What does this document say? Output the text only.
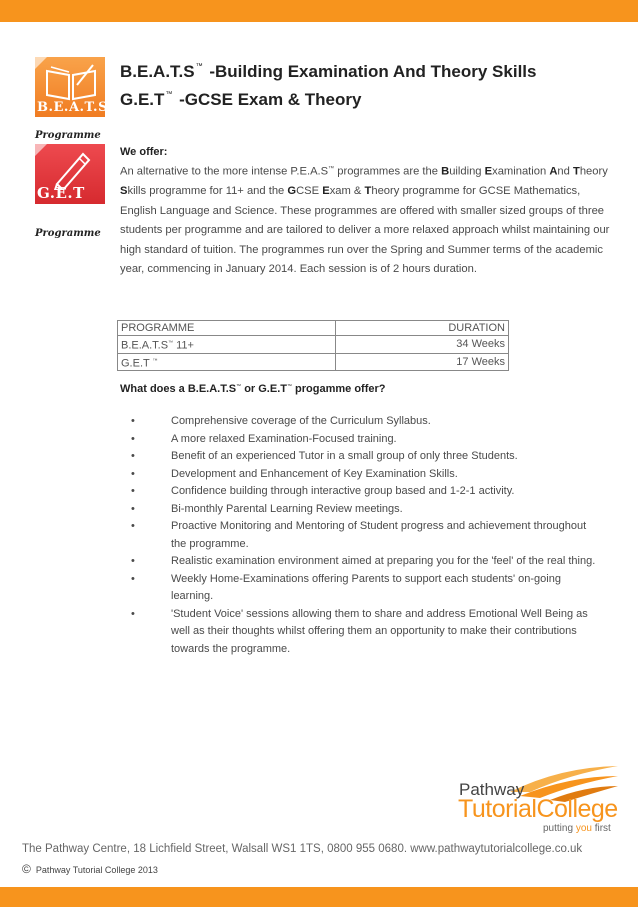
B.E.A.T.S
Programme
G.E.T
Programme
B.E.A.T.S™ -Building Examination And Theory Skills
G.E.T™ -GCSE Exam & Theory
We offer:
An alternative to the more intense P.E.A.S™ programmes are the Building Examination And Theory Skills programme for 11+ and the GCSE Exam & Theory programme for GCSE Mathematics, English Language and Science. These programmes are offered with smaller sized groups of three students per programme and are tailored to deliver a more relaxed approach whilst maintaining our high standard of tuition. The programmes run over the Spring and Summer terms of the academic year, commencing in January 2014. Each session is of 2 hours duration.
PROGRAMME	DURATION
B.E.A.T.S™ 11+	34 Weeks
G.E.T ™	17 Weeks
What does a B.E.A.T.S™ or G.E.T™ progamme offer?
•	Comprehensive coverage of the Curriculum Syllabus.
•	A more relaxed Examination-Focused training.
•	Benefit of an experienced Tutor in a small group of only three Students.
•	Development and Enhancement of Key Examination Skills.
•	Confidence building through interactive group based and 1-2-1 activity.
•	Bi-monthly Parental Learning Review meetings.
•	Proactive Monitoring and Mentoring of Student progress and achievement throughout the programme.
•	Realistic examination environment aimed at preparing you for the 'feel' of the real thing.
•	Weekly Home-Examinations offering Parents to support each students' on-going learning.
•	'Student Voice' sessions allowing them to share and address Emotional Well Being as well as their thoughts whilst offering them an opportunity to make their contributions towards the programme.
Pathway
TutorialCollege
putting you first
The Pathway Centre, 18 Lichfield Street, Walsall WS1 1TS, 0800 955 0680. www.pathwaytutorialcollege.co.uk
© Pathway Tutorial College 2013
